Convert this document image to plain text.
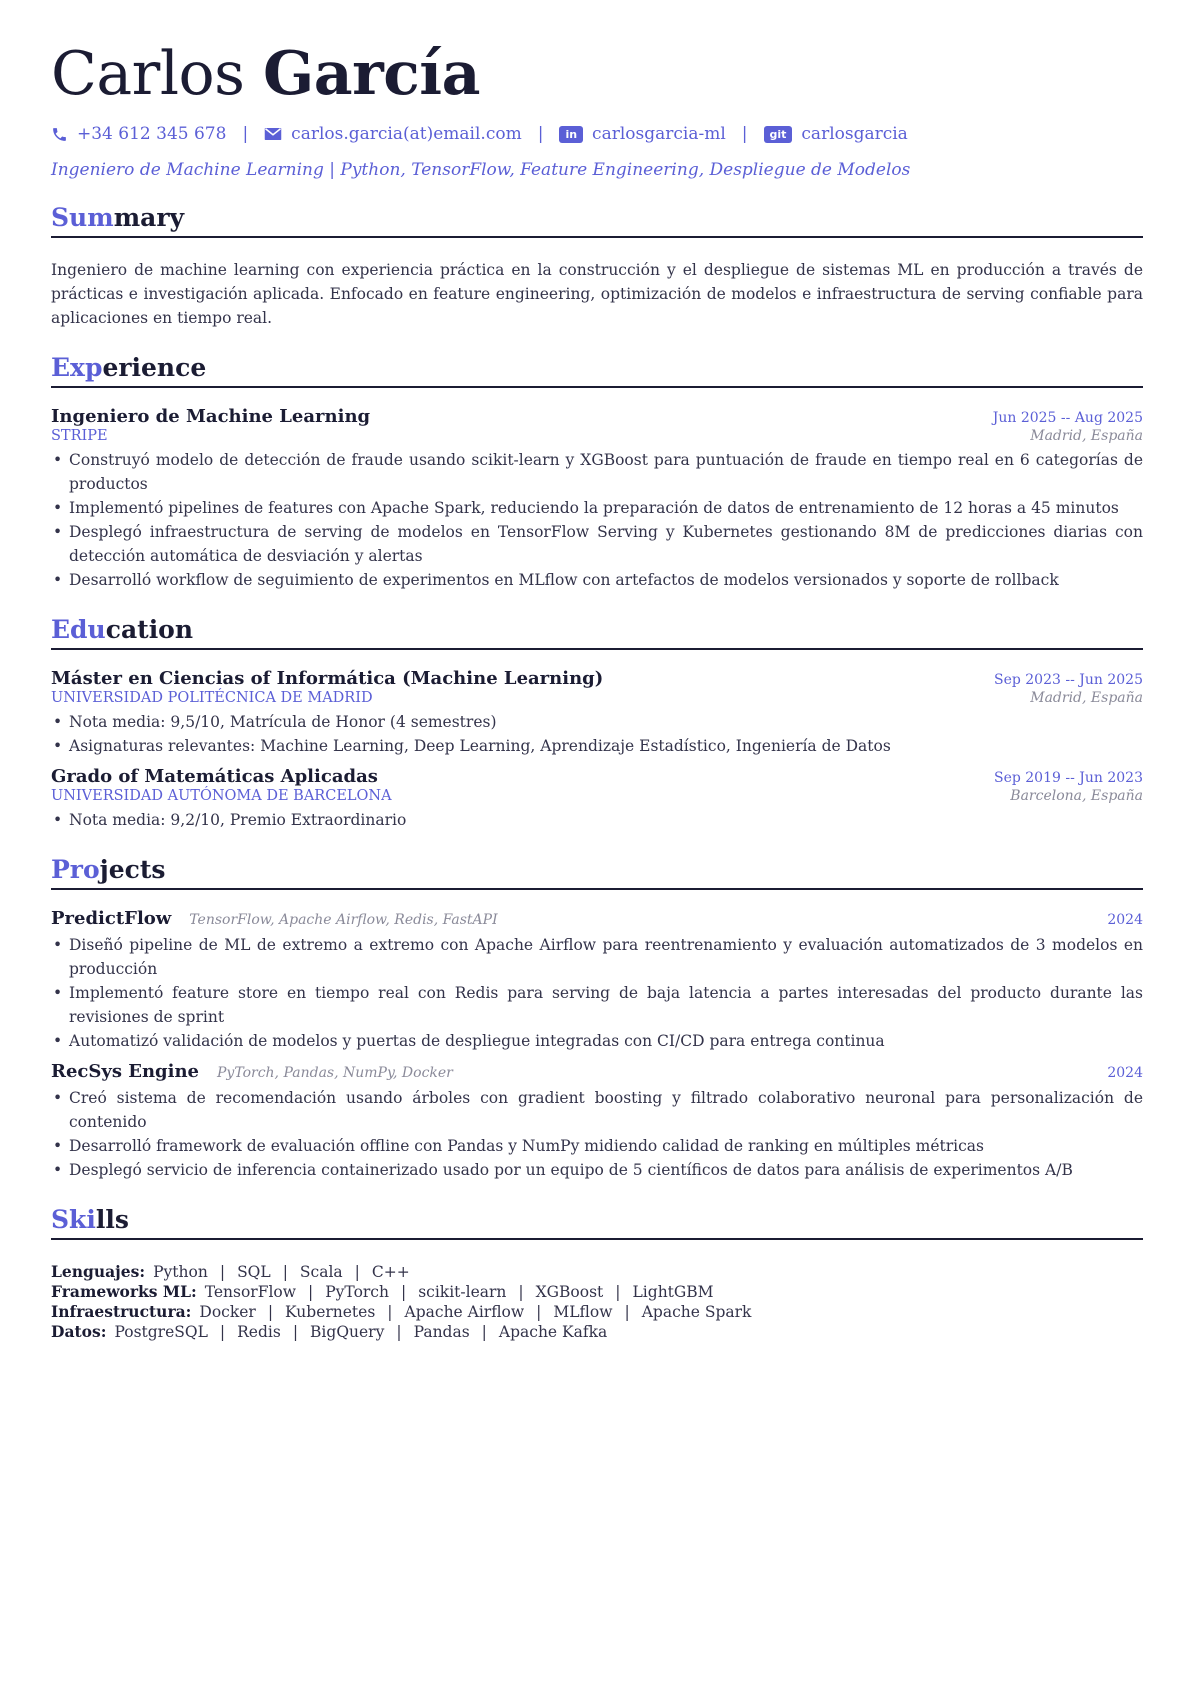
Carlos García
+34 612 345 678 |	carlos.garcia(at)email.com |	in carlosgarcia-ml |	git carlosgarcia
Ingeniero de Machine Learning | Python, TensorFlow, Feature Engineering, Despliegue de Modelos
Summary
Ingeniero de machine learning con experiencia práctica en la construcción y el despliegue de sistemas ML en producción a través de prácticas e investigación aplicada. Enfocado en feature engineering, optimización de modelos e infraestructura de serving confiable para aplicaciones en tiempo real.
Experience
Ingeniero de Machine Learning	Jun 2025 -- Aug 2025
STRIPE	Madrid, España
• Construyó modelo de detección de fraude usando scikit-learn y XGBoost para puntuación de fraude en tiempo real en 6 categorías de productos
• Implementó pipelines de features con Apache Spark, reduciendo la preparación de datos de entrenamiento de 12 horas a 45 minutos
• Desplegó infraestructura de serving de modelos en TensorFlow Serving y Kubernetes gestionando 8M de predicciones diarias con detección automática de desviación y alertas
• Desarrolló workflow de seguimiento de experimentos en MLflow con artefactos de modelos versionados y soporte de rollback
Education
Máster en Ciencias of Informática (Machine Learning)	Sep 2023 -- Jun 2025
UNIVERSIDAD POLITÉCNICA DE MADRID	Madrid, España
• Nota media: 9,5/10, Matrícula de Honor (4 semestres)
• Asignaturas relevantes: Machine Learning, Deep Learning, Aprendizaje Estadístico, Ingeniería de Datos
Grado of Matemáticas Aplicadas	Sep 2019 -- Jun 2023
UNIVERSIDAD AUTÓNOMA DE BARCELONA	Barcelona, España
• Nota media: 9,2/10, Premio Extraordinario
Projects
PredictFlow TensorFlow, Apache Airflow, Redis, FastAPI	2024
• Diseñó pipeline de ML de extremo a extremo con Apache Airflow para reentrenamiento y evaluación automatizados de 3 modelos en producción
• Implementó feature store en tiempo real con Redis para serving de baja latencia a partes interesadas del producto durante las revisiones de sprint
• Automatizó validación de modelos y puertas de despliegue integradas con CI/CD para entrega continua
RecSys Engine PyTorch, Pandas, NumPy, Docker	2024
• Creó sistema de recomendación usando árboles con gradient boosting y filtrado colaborativo neuronal para personalización de contenido
• Desarrolló framework de evaluación offline con Pandas y NumPy midiendo calidad de ranking en múltiples métricas
• Desplegó servicio de inferencia containerizado usado por un equipo de 5 científicos de datos para análisis de experimentos A/B
Skills
Lenguajes: Python | SQL | Scala | C++
Frameworks ML: TensorFlow | PyTorch | scikit-learn | XGBoost | LightGBM
Infraestructura: Docker | Kubernetes | Apache Airflow | MLflow | Apache Spark
Datos: PostgreSQL | Redis | BigQuery | Pandas | Apache Kafka
